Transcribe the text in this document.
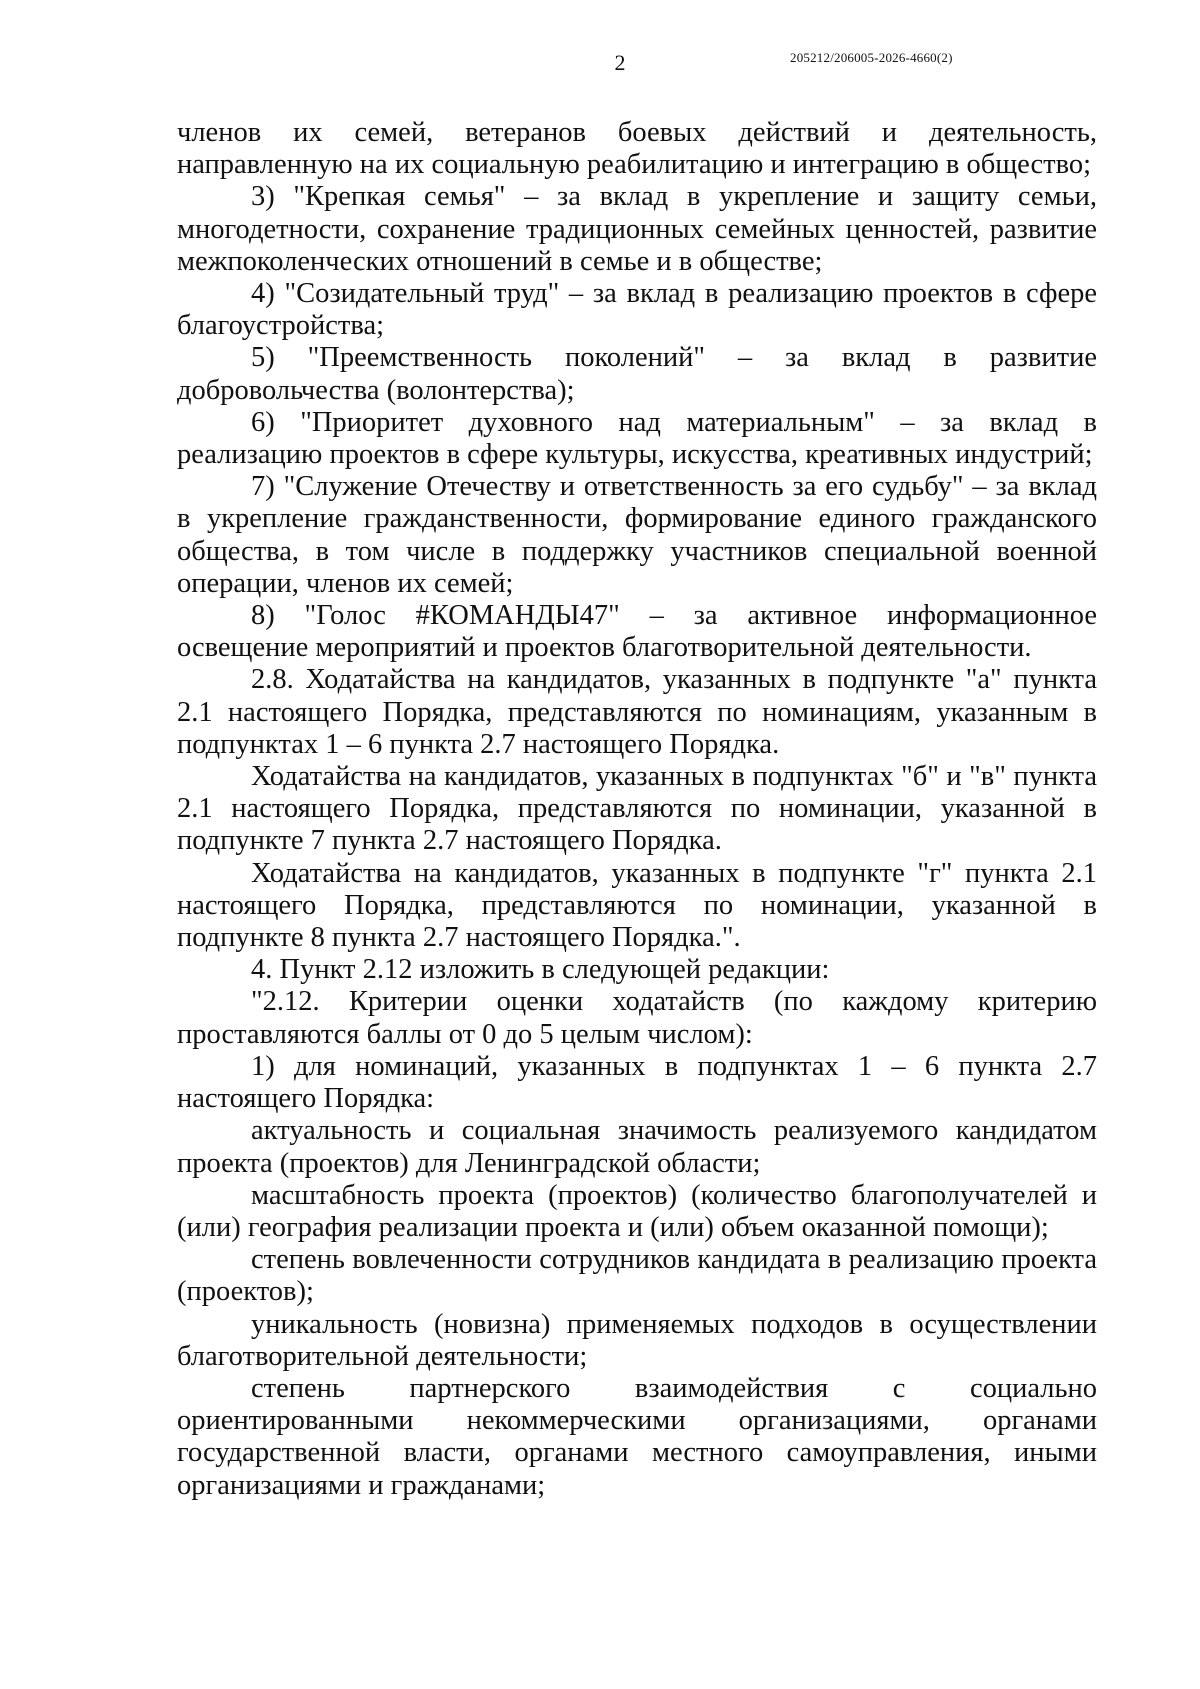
2	205212/206005-2026-4660(2)

членов их семей, ветеранов боевых действий и деятельность, направленную на их социальную реабилитацию и интеграцию в общество;

3) "Крепкая семья" – за вклад в укрепление и защиту семьи, многодетности, сохранение традиционных семейных ценностей, развитие межпоколенческих отношений в семье и в обществе;

4) "Созидательный труд" – за вклад в реализацию проектов в сфере благоустройства;

5) "Преемственность поколений" – за вклад в развитие добровольчества (волонтерства);

6) "Приоритет духовного над материальным" – за вклад в реализацию проектов в сфере культуры, искусства, креативных индустрий;

7) "Служение Отечеству и ответственность за его судьбу" – за вклад в укрепление гражданственности, формирование единого гражданского общества, в том числе в поддержку участников специальной военной операции, членов их семей;

8) "Голос #КОМАНДЫ47" – за активное информационное освещение мероприятий и проектов благотворительной деятельности.

2.8. Ходатайства на кандидатов, указанных в подпункте "а" пункта 2.1 настоящего Порядка, представляются по номинациям, указанным в подпунктах 1 – 6 пункта 2.7 настоящего Порядка.

Ходатайства на кандидатов, указанных в подпунктах "б" и "в" пункта 2.1 настоящего Порядка, представляются по номинации, указанной в подпункте 7 пункта 2.7 настоящего Порядка.

Ходатайства на кандидатов, указанных в подпункте "г" пункта 2.1 настоящего Порядка, представляются по номинации, указанной в подпункте 8 пункта 2.7 настоящего Порядка.".

4. Пункт 2.12 изложить в следующей редакции:

"2.12. Критерии оценки ходатайств (по каждому критерию проставляются баллы от 0 до 5 целым числом):

1) для номинаций, указанных в подпунктах 1 – 6 пункта 2.7 настоящего Порядка:

актуальность и социальная значимость реализуемого кандидатом проекта (проектов) для Ленинградской области;

масштабность проекта (проектов) (количество благополучателей и (или) география реализации проекта и (или) объем оказанной помощи);

степень вовлеченности сотрудников кандидата в реализацию проекта (проектов);

уникальность (новизна) применяемых подходов в осуществлении благотворительной деятельности;

степень партнерского взаимодействия с социально ориентированными некоммерческими организациями, органами государственной власти, органами местного самоуправления, иными организациями и гражданами;
